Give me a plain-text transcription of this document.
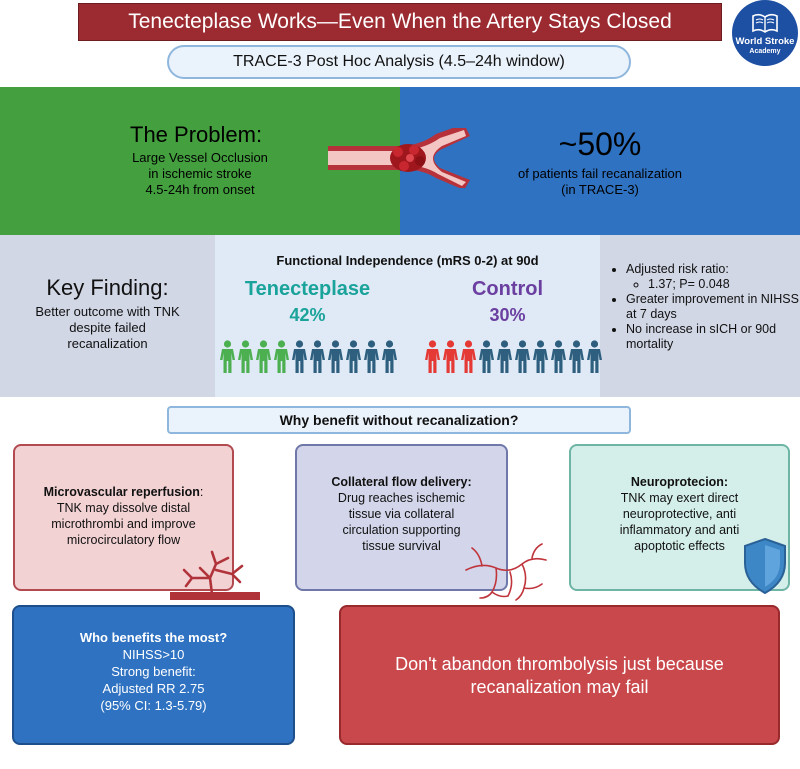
Tenecteplase Works—Even When the Artery Stays Closed
World Stroke
Academy
TRACE-3 Post Hoc Analysis (4.5–24h window)
The Problem:
Large Vessel Occlusion
in ischemic stroke
4.5-24h from onset
~50%
of patients fail recanalization
(in TRACE-3)
Key Finding:
Better outcome with TNK
despite failed
recanalization
Functional Independence (mRS 0-2) at 90d
Tenecteplase
42%
Control
30%
• Adjusted risk ratio:
◦ 1.37; P= 0.048
• Greater improvement in NIHSS at 7 days
• No increase in sICH or 90d mortality
Why benefit without recanalization?
Microvascular reperfusion:
TNK may dissolve distal
microthrombi and improve
microcirculatory flow
Collateral flow delivery:
Drug reaches ischemic
tissue via collateral
circulation supporting
tissue survival
Neuroprotecion:
TNK may exert direct
neuroprotective, anti
inflammatory and anti
apoptotic effects
Who benefits the most?
NIHSS>10
Strong benefit:
Adjusted RR 2.75
(95% CI: 1.3-5.79)
Don't abandon thrombolysis just because
recanalization may fail
